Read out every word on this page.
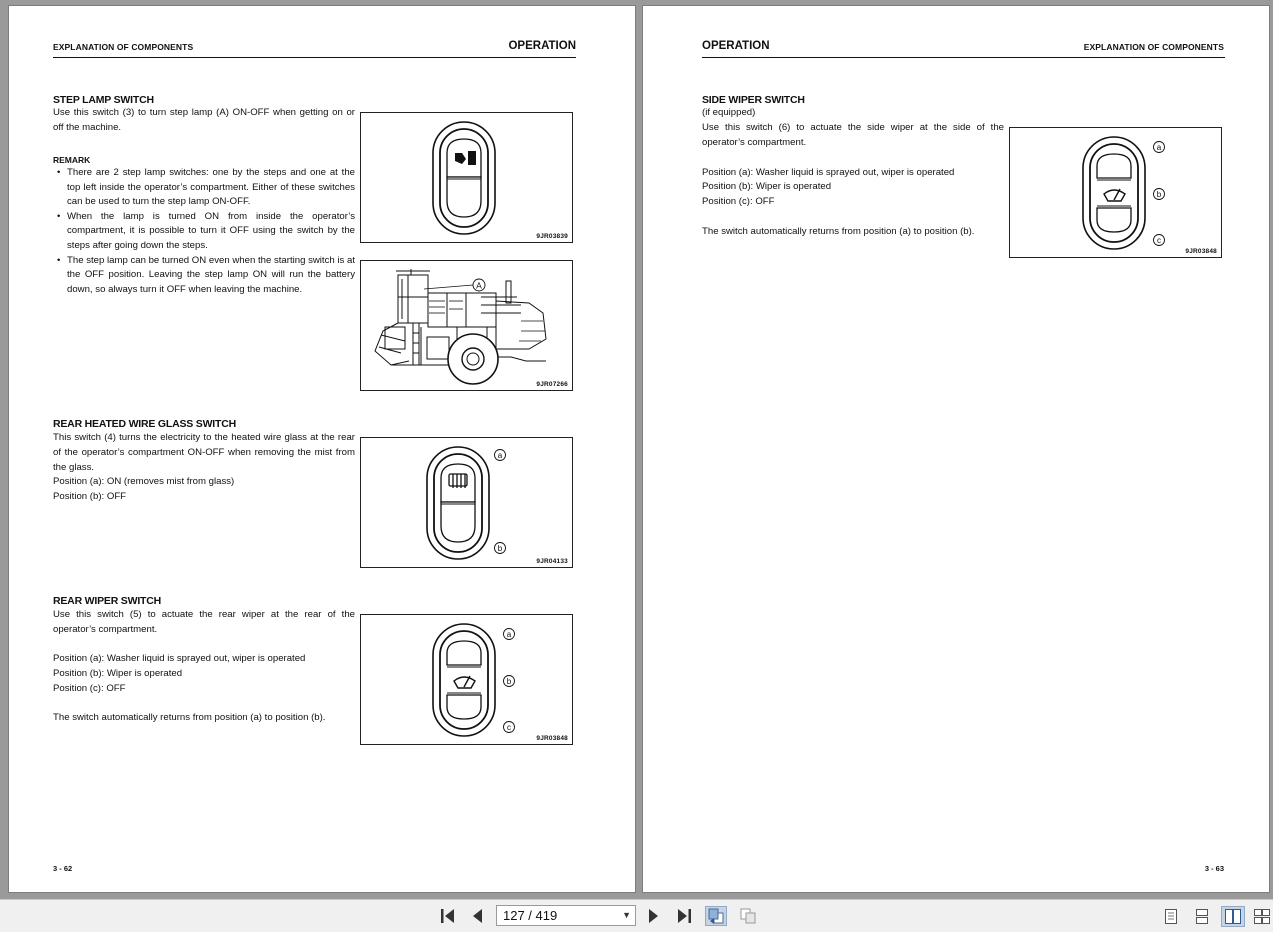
EXPLANATION OF COMPONENTS	OPERATION
STEP LAMP SWITCH
Use this switch (3) to turn step lamp (A) ON-OFF when getting on or off the machine.
REMARK
• There are 2 step lamp switches: one by the steps and one at the top left inside the operator’s compartment. Either of these switches can be used to turn the step lamp ON-OFF.
• When the lamp is turned ON from inside the operator’s compartment, it is possible to turn it OFF using the switch by the steps after going down the steps.
• The step lamp can be turned ON even when the starting switch is at the OFF position. Leaving the step lamp ON will run the battery down, so always turn it OFF when leaving the machine.
9JR03839
A
9JR07266
REAR HEATED WIRE GLASS SWITCH
This switch (4) turns the electricity to the heated wire glass at the rear of the operator’s compartment ON-OFF when removing the mist from the glass.
Position (a): ON (removes mist from glass)
Position (b): OFF
a
b
9JR04133
REAR WIPER SWITCH
Use this switch (5) to actuate the rear wiper at the rear of the operator’s compartment.
Position (a): Washer liquid is sprayed out, wiper is operated
Position (b): Wiper is operated
Position (c): OFF
The switch automatically returns from position (a) to position (b).
a
b
c
9JR03848
3 - 62
OPERATION	EXPLANATION OF COMPONENTS
SIDE WIPER SWITCH
(if equipped)
Use this switch (6) to actuate the side wiper at the side of the operator’s compartment.
Position (a): Washer liquid is sprayed out, wiper is operated
Position (b): Wiper is operated
Position (c): OFF
The switch automatically returns from position (a) to position (b).
a
b
c
9JR03848
3 - 63
127 / 419	▼
